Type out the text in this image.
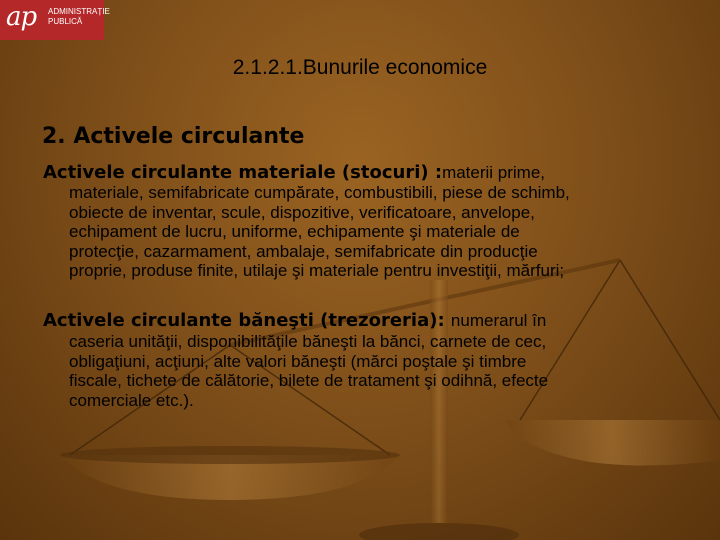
ap ADMINISTRAȚIE
PUBLICĂ
2.1.2.1.Bunurile economice
2. Activele circulante
Activele circulante materiale (stocuri) :materii prime,
materiale, semifabricate cumpărate, combustibili, piese de schimb,
obiecte de inventar, scule, dispozitive, verificatoare, anvelope,
echipament de lucru, uniforme, echipamente şi materiale de
protecţie, cazarmament, ambalaje, semifabricate din producţie
proprie, produse finite, utilaje şi materiale pentru investiţii, mărfuri;
Activele circulante băneşti (trezoreria): numerarul în
caseria unităţii, disponibilităţile băneşti la bănci, carnete de cec,
obligaţiuni, acţiuni, alte valori băneşti (mărci poştale şi timbre
fiscale, tichete de călătorie, bilete de tratament şi odihnă, efecte
comerciale etc.).
